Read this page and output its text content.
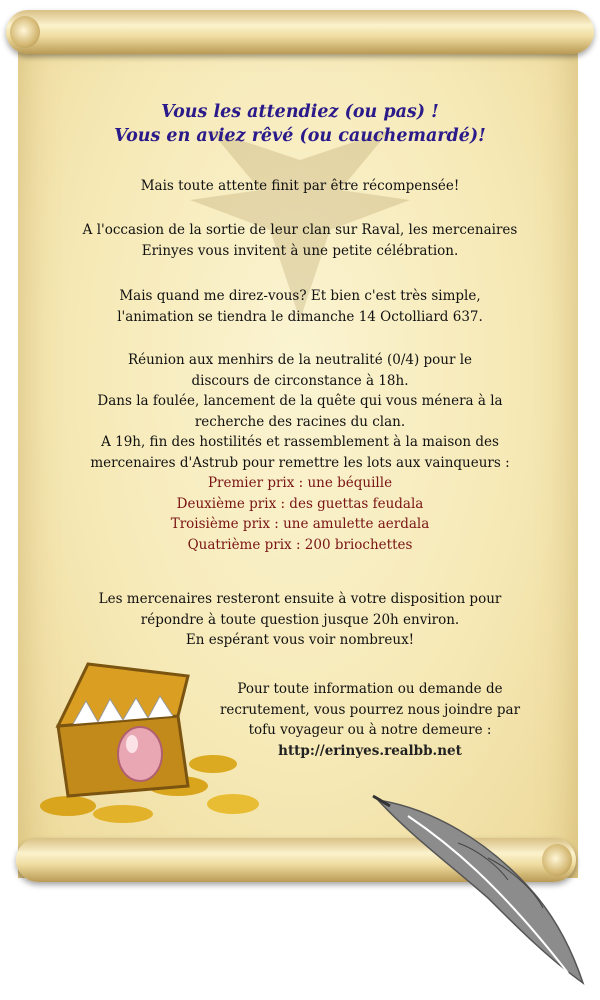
Vous les attendiez (ou pas) !
Vous en aviez rêvé (ou cauchemardé)!
Mais toute attente finit par être récompensée!
A l'occasion de la sortie de leur clan sur Raval, les mercenaires
Erinyes vous invitent à une petite célébration.
Mais quand me direz-vous? Et bien c'est très simple,
l'animation se tiendra le dimanche 14 Octolliard 637.
Réunion aux menhirs de la neutralité (0/4) pour le
discours de circonstance à 18h.
Dans la foulée, lancement de la quête qui vous ménera à la
recherche des racines du clan.
A 19h, fin des hostilités et rassemblement à la maison des
mercenaires d'Astrub pour remettre les lots aux vainqueurs :
Premier prix : une béquille
Deuxième prix : des guettas feudala
Troisième prix : une amulette aerdala
Quatrième prix : 200 briochettes
Les mercenaires resteront ensuite à votre disposition pour
répondre à toute question jusque 20h environ.
En espérant vous voir nombreux!
Pour toute information ou demande de
recrutement, vous pourrez nous joindre par
tofu voyageur ou à notre demeure :
http://erinyes.realbb.net
